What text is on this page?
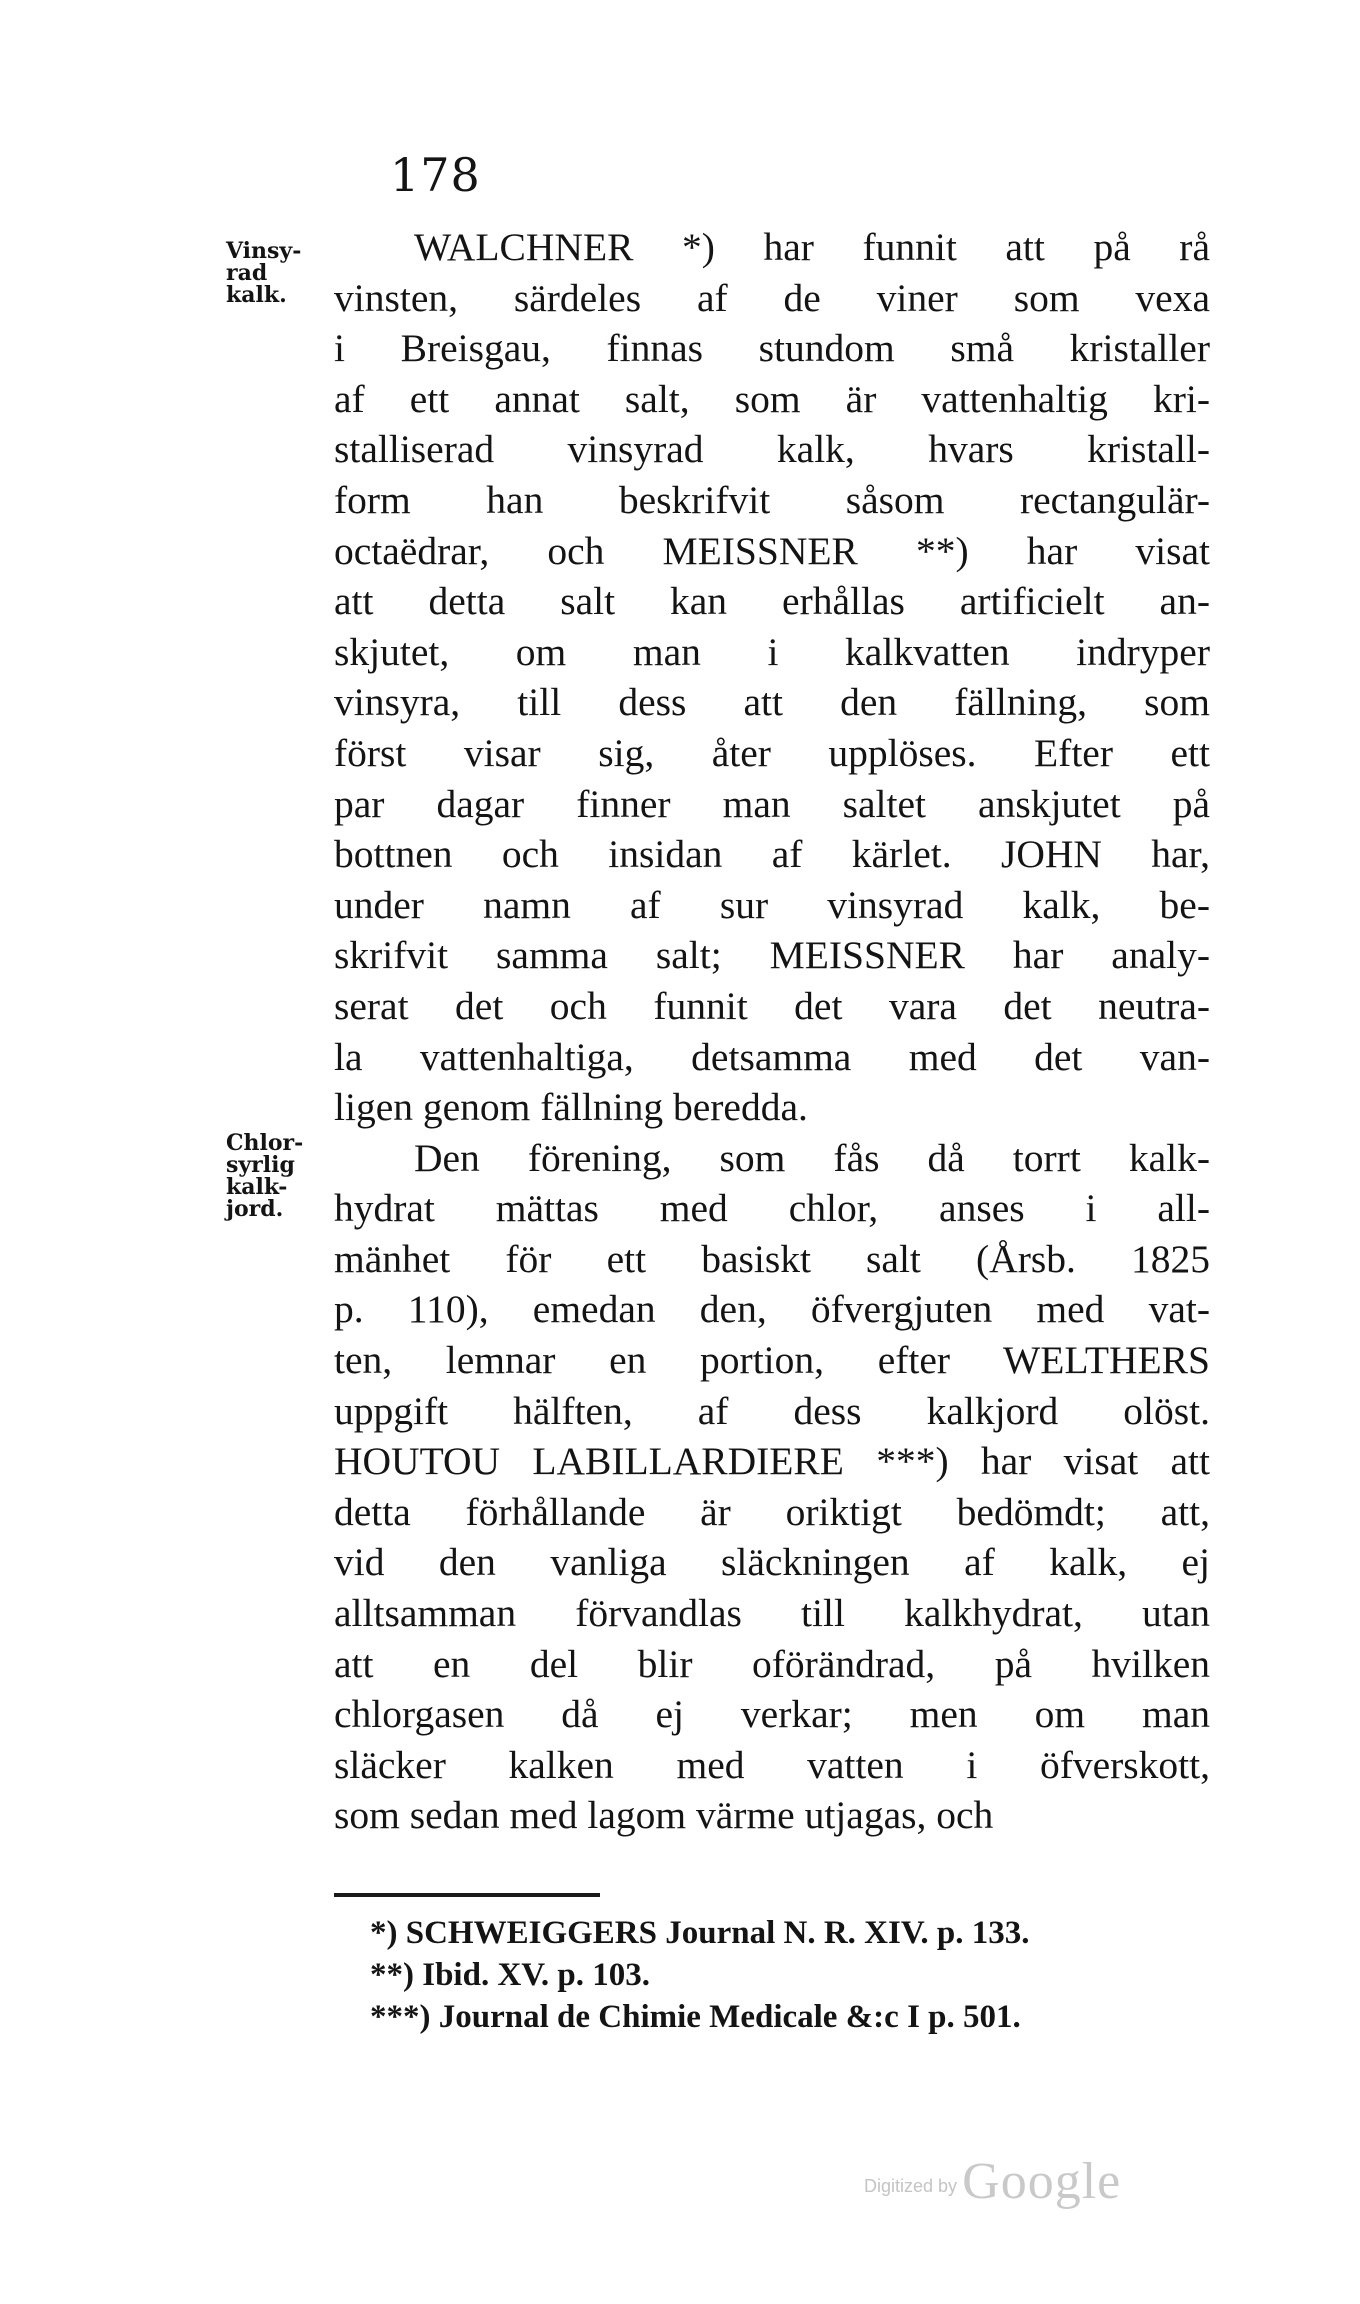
178
Vinsy-
rad
kalk.
Chlor-
syrlig
kalk-
jord.
WALCHNER *) har funnit att på rå
vinsten, särdeles af de viner som vexa
i Breisgau, finnas stundom små kristaller
af ett annat salt, som är vattenhaltig kri-
stalliserad vinsyrad kalk, hvars kristall-
form han beskrifvit såsom rectangulär-
octaëdrar, och MEISSNER **) har visat
att detta salt kan erhållas artificielt an-
skjutet, om man i kalkvatten indryper
vinsyra, till dess att den fällning, som
först visar sig, åter upplöses. Efter ett
par dagar finner man saltet anskjutet på
bottnen och insidan af kärlet. JOHN har,
under namn af sur vinsyrad kalk, be-
skrifvit samma salt; MEISSNER har analy-
serat det och funnit det vara det neutra-
la vattenhaltiga, detsamma med det van-
ligen genom fällning beredda.
Den förening, som fås då torrt kalk-
hydrat mättas med chlor, anses i all-
mänhet för ett basiskt salt (Årsb. 1825
p. 110), emedan den, öfvergjuten med vat-
ten, lemnar en portion, efter WELTHERS
uppgift hälften, af dess kalkjord olöst.
HOUTOU LABILLARDIERE ***) har visat att
detta förhållande är oriktigt bedömdt; att,
vid den vanliga släckningen af kalk, ej
alltsamman förvandlas till kalkhydrat, utan
att en del blir oförändrad, på hvilken
chlorgasen då ej verkar; men om man
släcker kalken med vatten i öfverskott,
som sedan med lagom värme utjagas, och
*) SCHWEIGGERS Journal N. R. XIV. p. 133.
**) Ibid. XV. p. 103.
***) Journal de Chimie Medicale &:c I p. 501.
Digitized by Google
